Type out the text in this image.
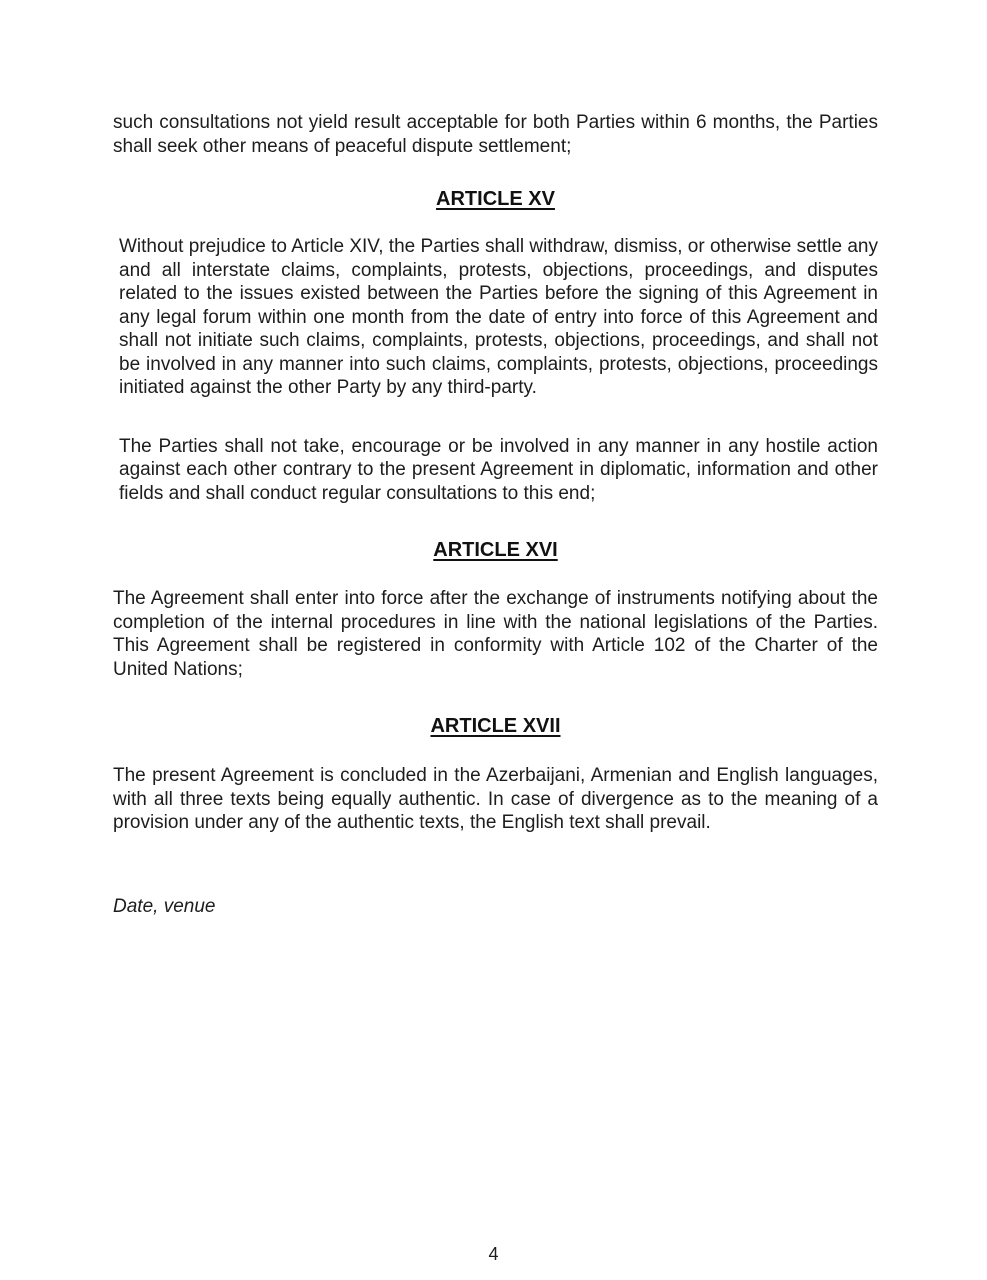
such consultations not yield result acceptable for both Parties within 6 months, the Parties shall seek other means of peaceful dispute settlement;

ARTICLE XV

Without prejudice to Article XIV, the Parties shall withdraw, dismiss, or otherwise settle any and all interstate claims, complaints, protests, objections, proceedings, and disputes related to the issues existed between the Parties before the signing of this Agreement in any legal forum within one month from the date of entry into force of this Agreement and shall not initiate such claims, complaints, protests, objections, proceedings, and shall not be involved in any manner into such claims, complaints, protests, objections, proceedings initiated against the other Party by any third-party.

The Parties shall not take, encourage or be involved in any manner in any hostile action against each other contrary to the present Agreement in diplomatic, information and other fields and shall conduct regular consultations to this end;

ARTICLE XVI

The Agreement shall enter into force after the exchange of instruments notifying about the completion of the internal procedures in line with the national legislations of the Parties. This Agreement shall be registered in conformity with Article 102 of the Charter of the United Nations;

ARTICLE XVII

The present Agreement is concluded in the Azerbaijani, Armenian and English languages, with all three texts being equally authentic. In case of divergence as to the meaning of a provision under any of the authentic texts, the English text shall prevail.

Date, venue

4
